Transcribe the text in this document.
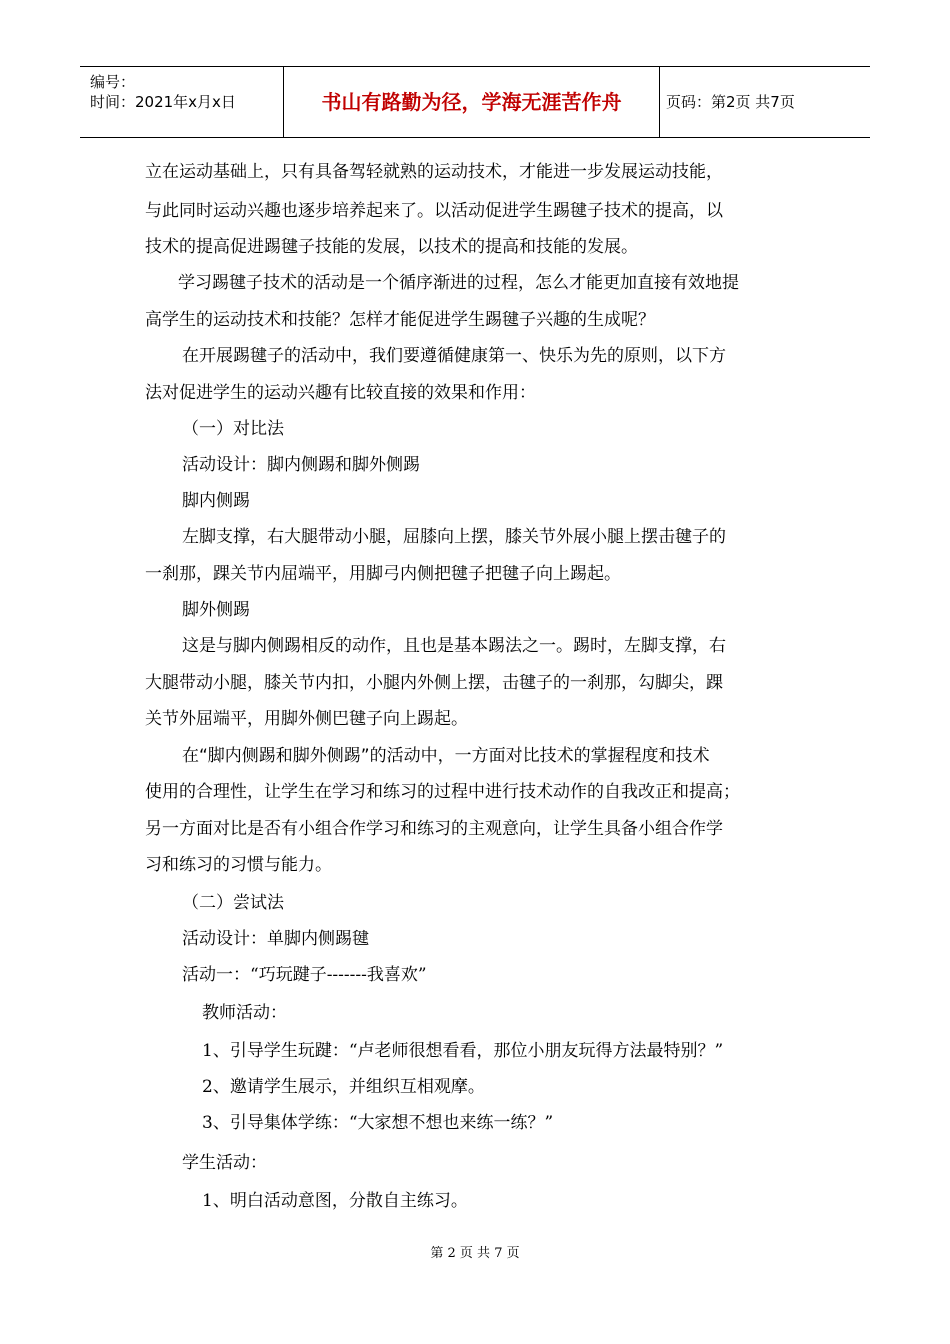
编号：
时间：2021年x月x日	书山有路勤为径，学海无涯苦作舟	页码：第2页 共7页
立在运动基础上，只有具备驾轻就熟的运动技术，才能进一步发展运动技能，
与此同时运动兴趣也逐步培养起来了。以活动促进学生踢毽子技术的提高，以
技术的提高促进踢毽子技能的发展，以技术的提高和技能的发展。
学习踢毽子技术的活动是一个循序渐进的过程，怎么才能更加直接有效地提
高学生的运动技术和技能？怎样才能促进学生踢毽子兴趣的生成呢？
在开展踢毽子的活动中，我们要遵循健康第一、快乐为先的原则，以下方
法对促进学生的运动兴趣有比较直接的效果和作用：
（一）对比法
活动设计：脚内侧踢和脚外侧踢
脚内侧踢
左脚支撑，右大腿带动小腿，屈膝向上摆，膝关节外展小腿上摆击毽子的
一刹那，踝关节内屈端平，用脚弓内侧把毽子把毽子向上踢起。
脚外侧踢
这是与脚内侧踢相反的动作，且也是基本踢法之一。踢时，左脚支撑，右
大腿带动小腿，膝关节内扣，小腿内外侧上摆，击毽子的一刹那，勾脚尖，踝
关节外屈端平，用脚外侧巴毽子向上踢起。
在“脚内侧踢和脚外侧踢”的活动中，一方面对比技术的掌握程度和技术
使用的合理性，让学生在学习和练习的过程中进行技术动作的自我改正和提高；
另一方面对比是否有小组合作学习和练习的主观意向，让学生具备小组合作学
习和练习的习惯与能力。
（二）尝试法
活动设计：单脚内侧踢毽
活动一：“巧玩踺子-------我喜欢”
教师活动：
1、引导学生玩踺：“卢老师很想看看，那位小朋友玩得方法最特别？”
2、邀请学生展示，并组织互相观摩。
3、引导集体学练：“大家想不想也来练一练？”
学生活动：
1、明白活动意图，分散自主练习。
第 2 页 共 7 页
